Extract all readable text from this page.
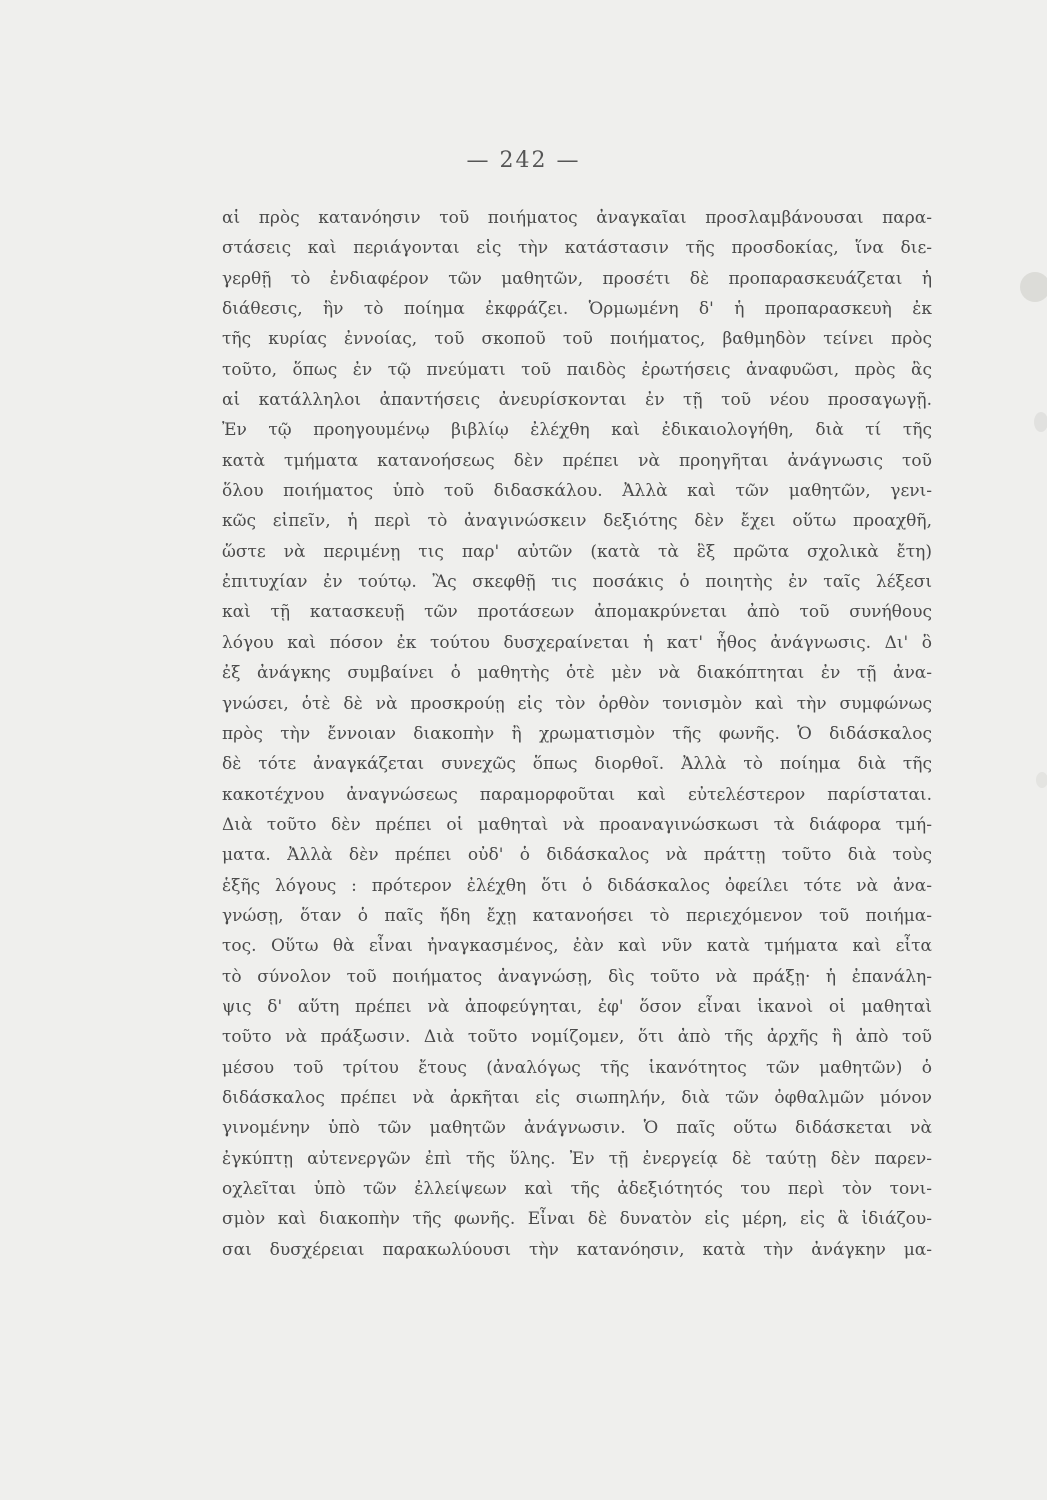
— 242 —
αἱ πρὸς κατανόησιν τοῦ ποιήματος ἀναγκαῖαι προσλαμβάνουσαι παρα-
στάσεις καὶ περιάγονται εἰς τὴν κατάστασιν τῆς προσδοκίας, ἵνα διε-
γερθῇ τὸ ἐνδιαφέρον τῶν μαθητῶν, προσέτι δὲ προπαρασκευάζεται ἡ
διάθεσις, ἣν τὸ ποίημα ἐκφράζει. Ὁρμωμένη δ' ἡ προπαρασκευὴ ἐκ
τῆς κυρίας ἐννοίας, τοῦ σκοποῦ τοῦ ποιήματος, βαθμηδὸν τείνει πρὸς
τοῦτο, ὅπως ἐν τῷ πνεύματι τοῦ παιδὸς ἐρωτήσεις ἀναφυῶσι, πρὸς ἃς
αἱ κατάλληλοι ἀπαντήσεις ἀνευρίσκονται ἐν τῇ τοῦ νέου προσαγωγῇ.
Ἐν τῷ προηγουμένῳ βιβλίῳ ἐλέχθη καὶ ἐδικαιολογήθη, διὰ τί τῆς
κατὰ τμήματα κατανοήσεως δὲν πρέπει νὰ προηγῆται ἀνάγνωσις τοῦ
ὅλου ποιήματος ὑπὸ τοῦ διδασκάλου. Ἀλλὰ καὶ τῶν μαθητῶν, γενι-
κῶς εἰπεῖν, ἡ περὶ τὸ ἀναγινώσκειν δεξιότης δὲν ἔχει οὕτω προαχθῆ,
ὥστε νὰ περιμένῃ τις παρ' αὐτῶν (κατὰ τὰ ἓξ πρῶτα σχολικὰ ἔτη)
ἐπιτυχίαν ἐν τούτῳ. Ἂς σκεφθῇ τις ποσάκις ὁ ποιητὴς ἐν ταῖς λέξεσι
καὶ τῇ κατασκευῇ τῶν προτάσεων ἀπομακρύνεται ἀπὸ τοῦ συνήθους
λόγου καὶ πόσον ἐκ τούτου δυσχεραίνεται ἡ κατ' ἦθος ἀνάγνωσις. Δι' ὃ
ἐξ ἀνάγκης συμβαίνει ὁ μαθητὴς ὁτὲ μὲν νὰ διακόπτηται ἐν τῇ ἀνα-
γνώσει, ὁτὲ δὲ νὰ προσκρούῃ εἰς τὸν ὀρθὸν τονισμὸν καὶ τὴν συμφώνως
πρὸς τὴν ἔννοιαν διακοπὴν ἢ χρωματισμὸν τῆς φωνῆς. Ὁ διδάσκαλος
δὲ τότε ἀναγκάζεται συνεχῶς ὅπως διορθοῖ. Ἀλλὰ τὸ ποίημα διὰ τῆς
κακοτέχνου ἀναγνώσεως παραμορφοῦται καὶ εὐτελέστερον παρίσταται.
Διὰ τοῦτο δὲν πρέπει οἱ μαθηταὶ νὰ προαναγινώσκωσι τὰ διάφορα τμή-
ματα. Ἀλλὰ δὲν πρέπει οὐδ' ὁ διδάσκαλος νὰ πράττῃ τοῦτο διὰ τοὺς
ἑξῆς λόγους : πρότερον ἐλέχθη ὅτι ὁ διδάσκαλος ὀφείλει τότε νὰ ἀνα-
γνώσῃ, ὅταν ὁ παῖς ἤδη ἔχῃ κατανοήσει τὸ περιεχόμενον τοῦ ποιήμα-
τος. Οὕτω θὰ εἶναι ἠναγκασμένος, ἐὰν καὶ νῦν κατὰ τμήματα καὶ εἶτα
τὸ σύνολον τοῦ ποιήματος ἀναγνώσῃ, δὶς τοῦτο νὰ πράξῃ· ἡ ἐπανάλη-
ψις δ' αὕτη πρέπει νὰ ἀποφεύγηται, ἐφ' ὅσον εἶναι ἱκανοὶ οἱ μαθηταὶ
τοῦτο νὰ πράξωσιν. Διὰ τοῦτο νομίζομεν, ὅτι ἀπὸ τῆς ἀρχῆς ἢ ἀπὸ τοῦ
μέσου τοῦ τρίτου ἔτους (ἀναλόγως τῆς ἱκανότητος τῶν μαθητῶν) ὁ
διδάσκαλος πρέπει νὰ ἀρκῆται εἰς σιωπηλήν, διὰ τῶν ὀφθαλμῶν μόνον
γινομένην ὑπὸ τῶν μαθητῶν ἀνάγνωσιν. Ὁ παῖς οὕτω διδάσκεται νὰ
ἐγκύπτῃ αὐτενεργῶν ἐπὶ τῆς ὕλης. Ἐν τῇ ἐνεργείᾳ δὲ ταύτῃ δὲν παρεν-
οχλεῖται ὑπὸ τῶν ἐλλείψεων καὶ τῆς ἀδεξιότητός του περὶ τὸν τονι-
σμὸν καὶ διακοπὴν τῆς φωνῆς. Εἶναι δὲ δυνατὸν εἰς μέρη, εἰς ἃ ἰδιάζου-
σαι δυσχέρειαι παρακωλύουσι τὴν κατανόησιν, κατὰ τὴν ἀνάγκην μα-
